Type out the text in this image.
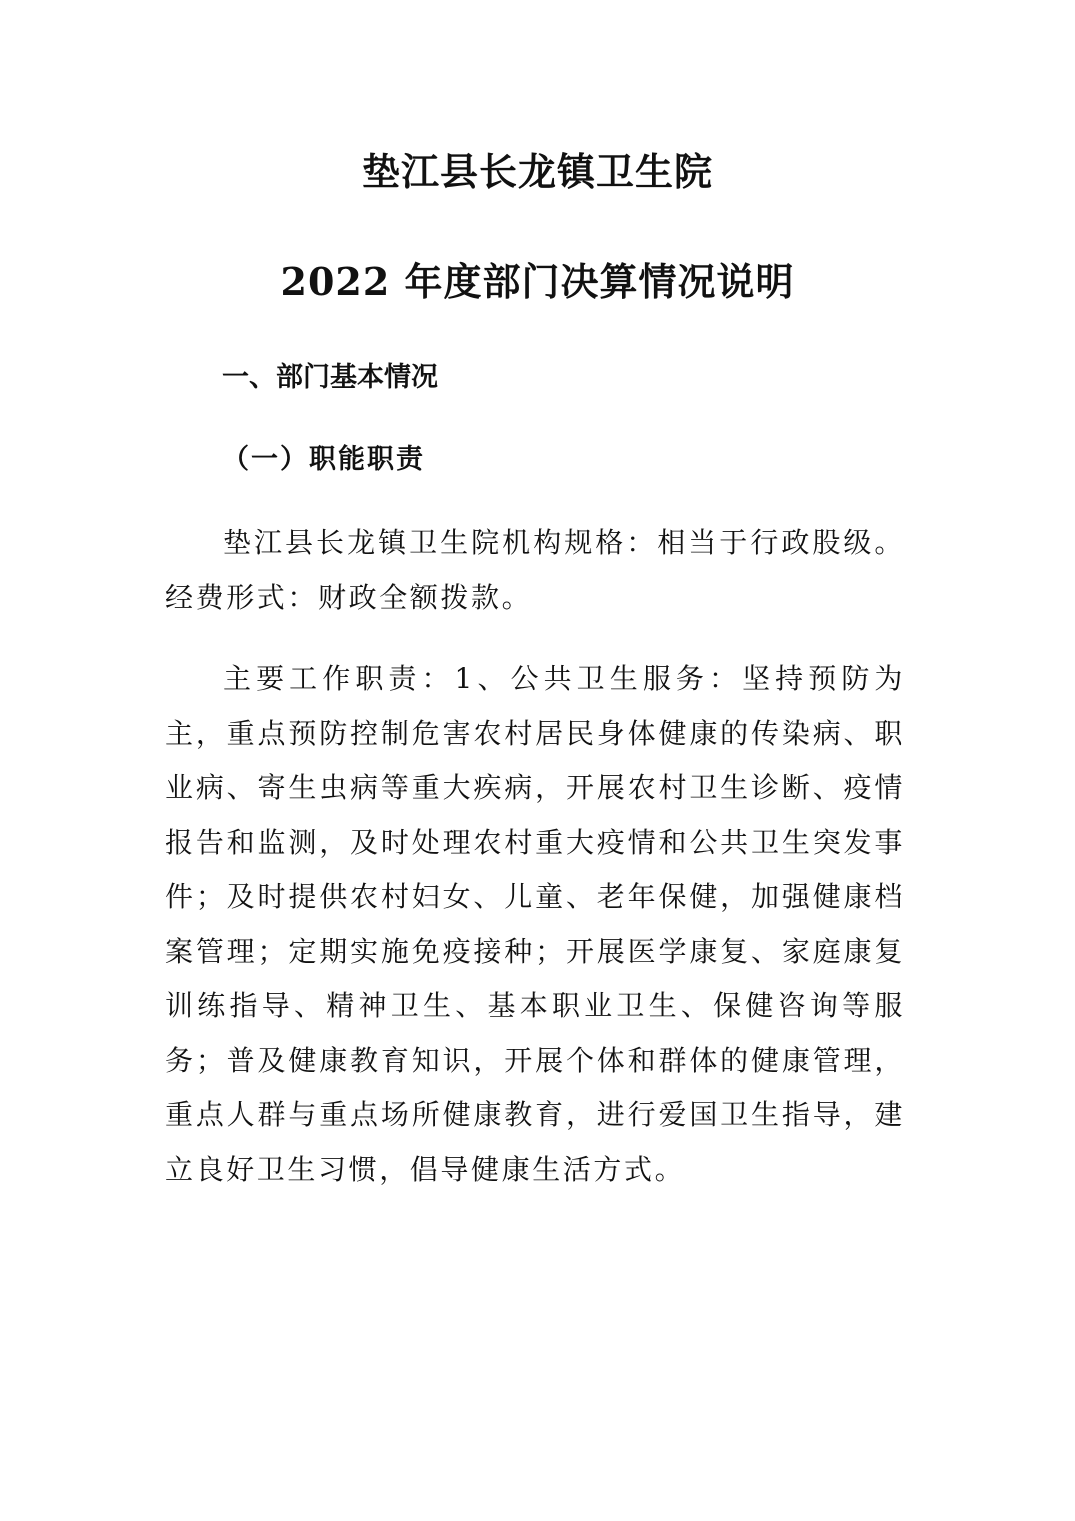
垫江县长龙镇卫生院
2022 年度部门决算情况说明
一、部门基本情况
（一）职能职责

垫江县长龙镇卫生院机构规格：相当于行政股级。经费形式：财政全额拨款。

主要工作职责：1、公共卫生服务：坚持预防为主，重点预防控制危害农村居民身体健康的传染病、职业病、寄生虫病等重大疾病，开展农村卫生诊断、疫情报告和监测，及时处理农村重大疫情和公共卫生突发事件；及时提供农村妇女、儿童、老年保健，加强健康档案管理；定期实施免疫接种；开展医学康复、家庭康复训练指导、精神卫生、基本职业卫生、保健咨询等服务；普及健康教育知识，开展个体和群体的健康管理，重点人群与重点场所健康教育，进行爱国卫生指导，建立良好卫生习惯，倡导健康生活方式。
